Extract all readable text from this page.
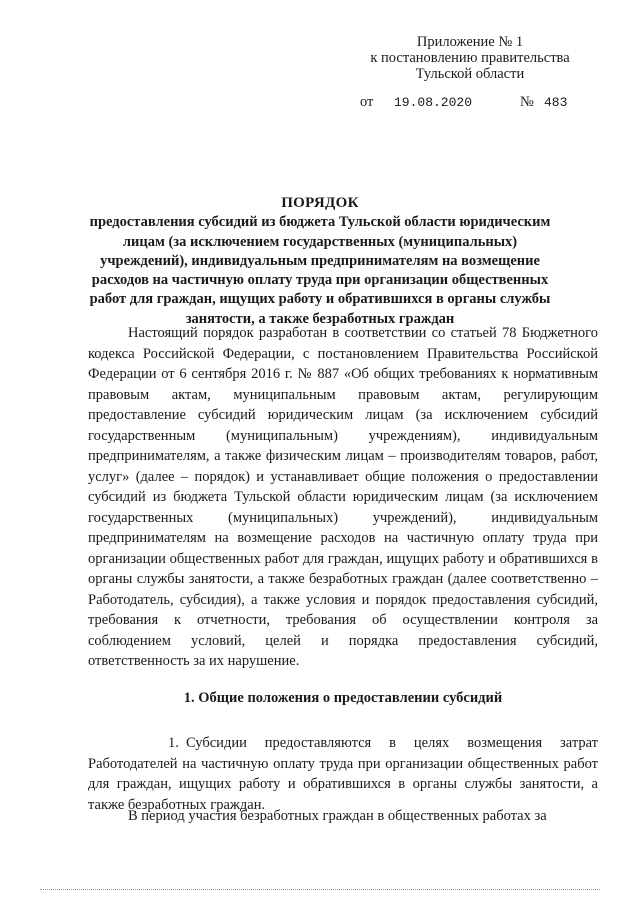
Приложение № 1
к постановлению правительства
Тульской области
от 19.08.2020	№ 483
ПОРЯДОК
предоставления субсидий из бюджета Тульской области юридическим лицам (за исключением государственных (муниципальных) учреждений), индивидуальным предпринимателям на возмещение расходов на частичную оплату труда при организации общественных работ для граждан, ищущих работу и обратившихся в органы службы занятости, а также безработных граждан
Настоящий порядок разработан в соответствии со статьей 78 Бюджетного кодекса Российской Федерации, с постановлением Правительства Российской Федерации от 6 сентября 2016 г. № 887 «Об общих требованиях к нормативным правовым актам, муниципальным правовым актам, регулирующим предоставление субсидий юридическим лицам (за исключением субсидий государственным (муниципальным) учреждениям), индивидуальным предпринимателям, а также физическим лицам – производителям товаров, работ, услуг» (далее – порядок) и устанавливает общие положения о предоставлении субсидий из бюджета Тульской области юридическим лицам (за исключением государственных (муниципальных) учреждений), индивидуальным предпринимателям на возмещение расходов на частичную оплату труда при организации общественных работ для граждан, ищущих работу и обратившихся в органы службы занятости, а также безработных граждан (далее соответственно – Работодатель, субсидия), а также условия и порядок предоставления субсидий, требования к отчетности, требования об осуществлении контроля за соблюдением условий, целей и порядка предоставления субсидий, ответственность за их нарушение.
1. Общие положения о предоставлении субсидий
1. Субсидии предоставляются в целях возмещения затрат Работодателей на частичную оплату труда при организации общественных работ для граждан, ищущих работу и обратившихся в органы службы занятости, а также безработных граждан.
В период участия безработных граждан в общественных работах за
